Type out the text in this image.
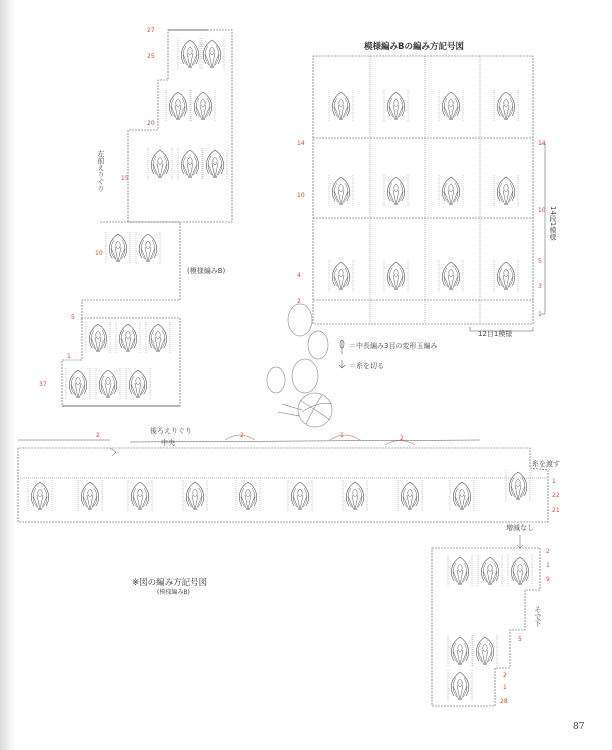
左前えりぐり
(模様編みB)
27
25
20
15
10
5
1
37
模様編みBの編み方記号図
14段1模様
12目1模様
14
10
4
2
14
10
5
3
1
＝中長編み3目の変形玉編み
＝糸を切る
後ろえりぐり
中央
糸を渡す
2	2	2
1
1
22
21
※図の編み方記号図
(模様編みB)
増減なし
そで下
2
1
9
5
2
1
28
87
